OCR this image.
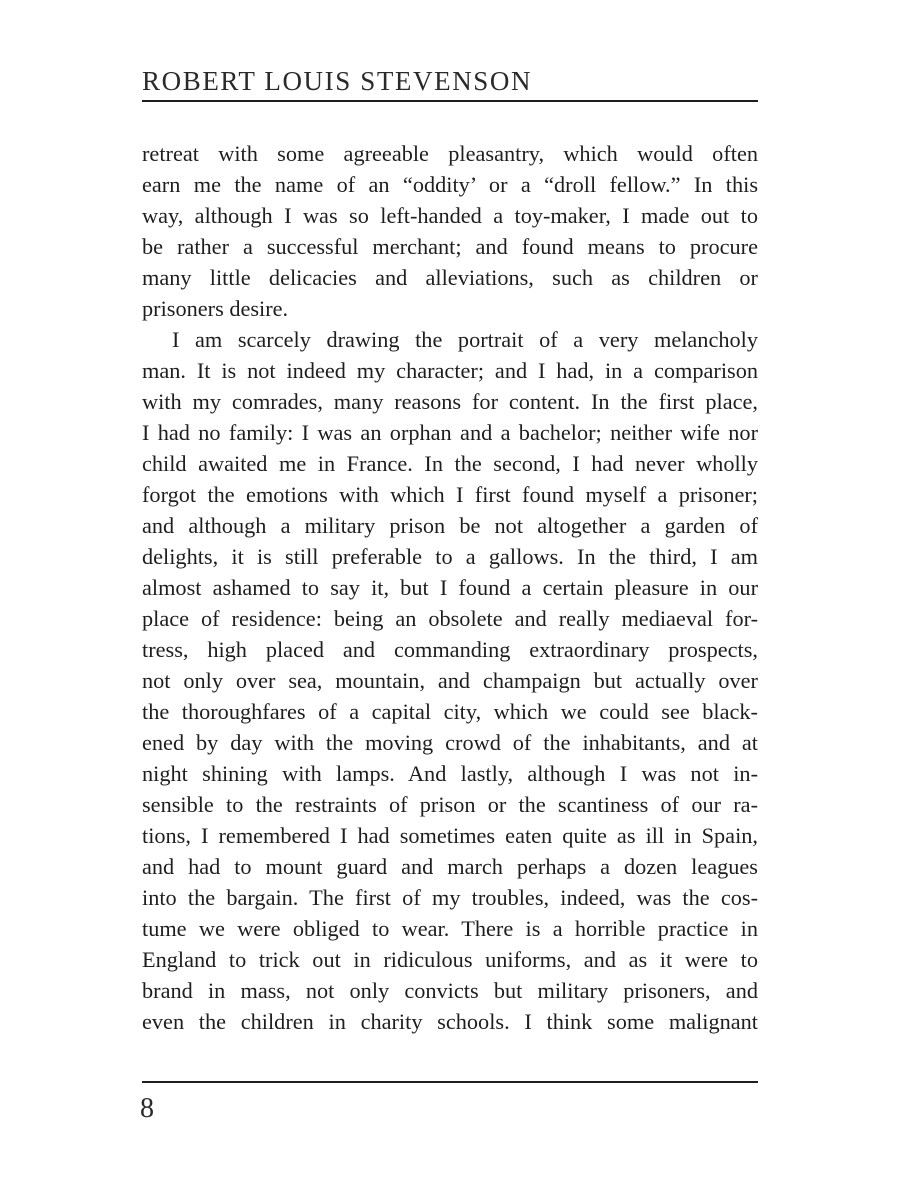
ROBERT LOUIS STEVENSON
retreat with some agreeable pleasantry, which would often
earn me the name of an “oddity’ or a “droll fellow.” In this
way, although I was so left-handed a toy-maker, I made out to
be rather a successful merchant; and found means to procure
many little delicacies and alleviations, such as children or
prisoners desire.
I am scarcely drawing the portrait of a very melancholy
man. It is not indeed my character; and I had, in a comparison
with my comrades, many reasons for content. In the first place,
I had no family: I was an orphan and a bachelor; neither wife nor
child awaited me in France. In the second, I had never wholly
forgot the emotions with which I first found myself a prisoner;
and although a military prison be not altogether a garden of
delights, it is still preferable to a gallows. In the third, I am
almost ashamed to say it, but I found a certain pleasure in our
place of residence: being an obsolete and really mediaeval for-
tress, high placed and commanding extraordinary prospects,
not only over sea, mountain, and champaign but actually over
the thoroughfares of a capital city, which we could see black-
ened by day with the moving crowd of the inhabitants, and at
night shining with lamps. And lastly, although I was not in-
sensible to the restraints of prison or the scantiness of our ra-
tions, I remembered I had sometimes eaten quite as ill in Spain,
and had to mount guard and march perhaps a dozen leagues
into the bargain. The first of my troubles, indeed, was the cos-
tume we were obliged to wear. There is a horrible practice in
England to trick out in ridiculous uniforms, and as it were to
brand in mass, not only convicts but military prisoners, and
even the children in charity schools. I think some malignant
8
